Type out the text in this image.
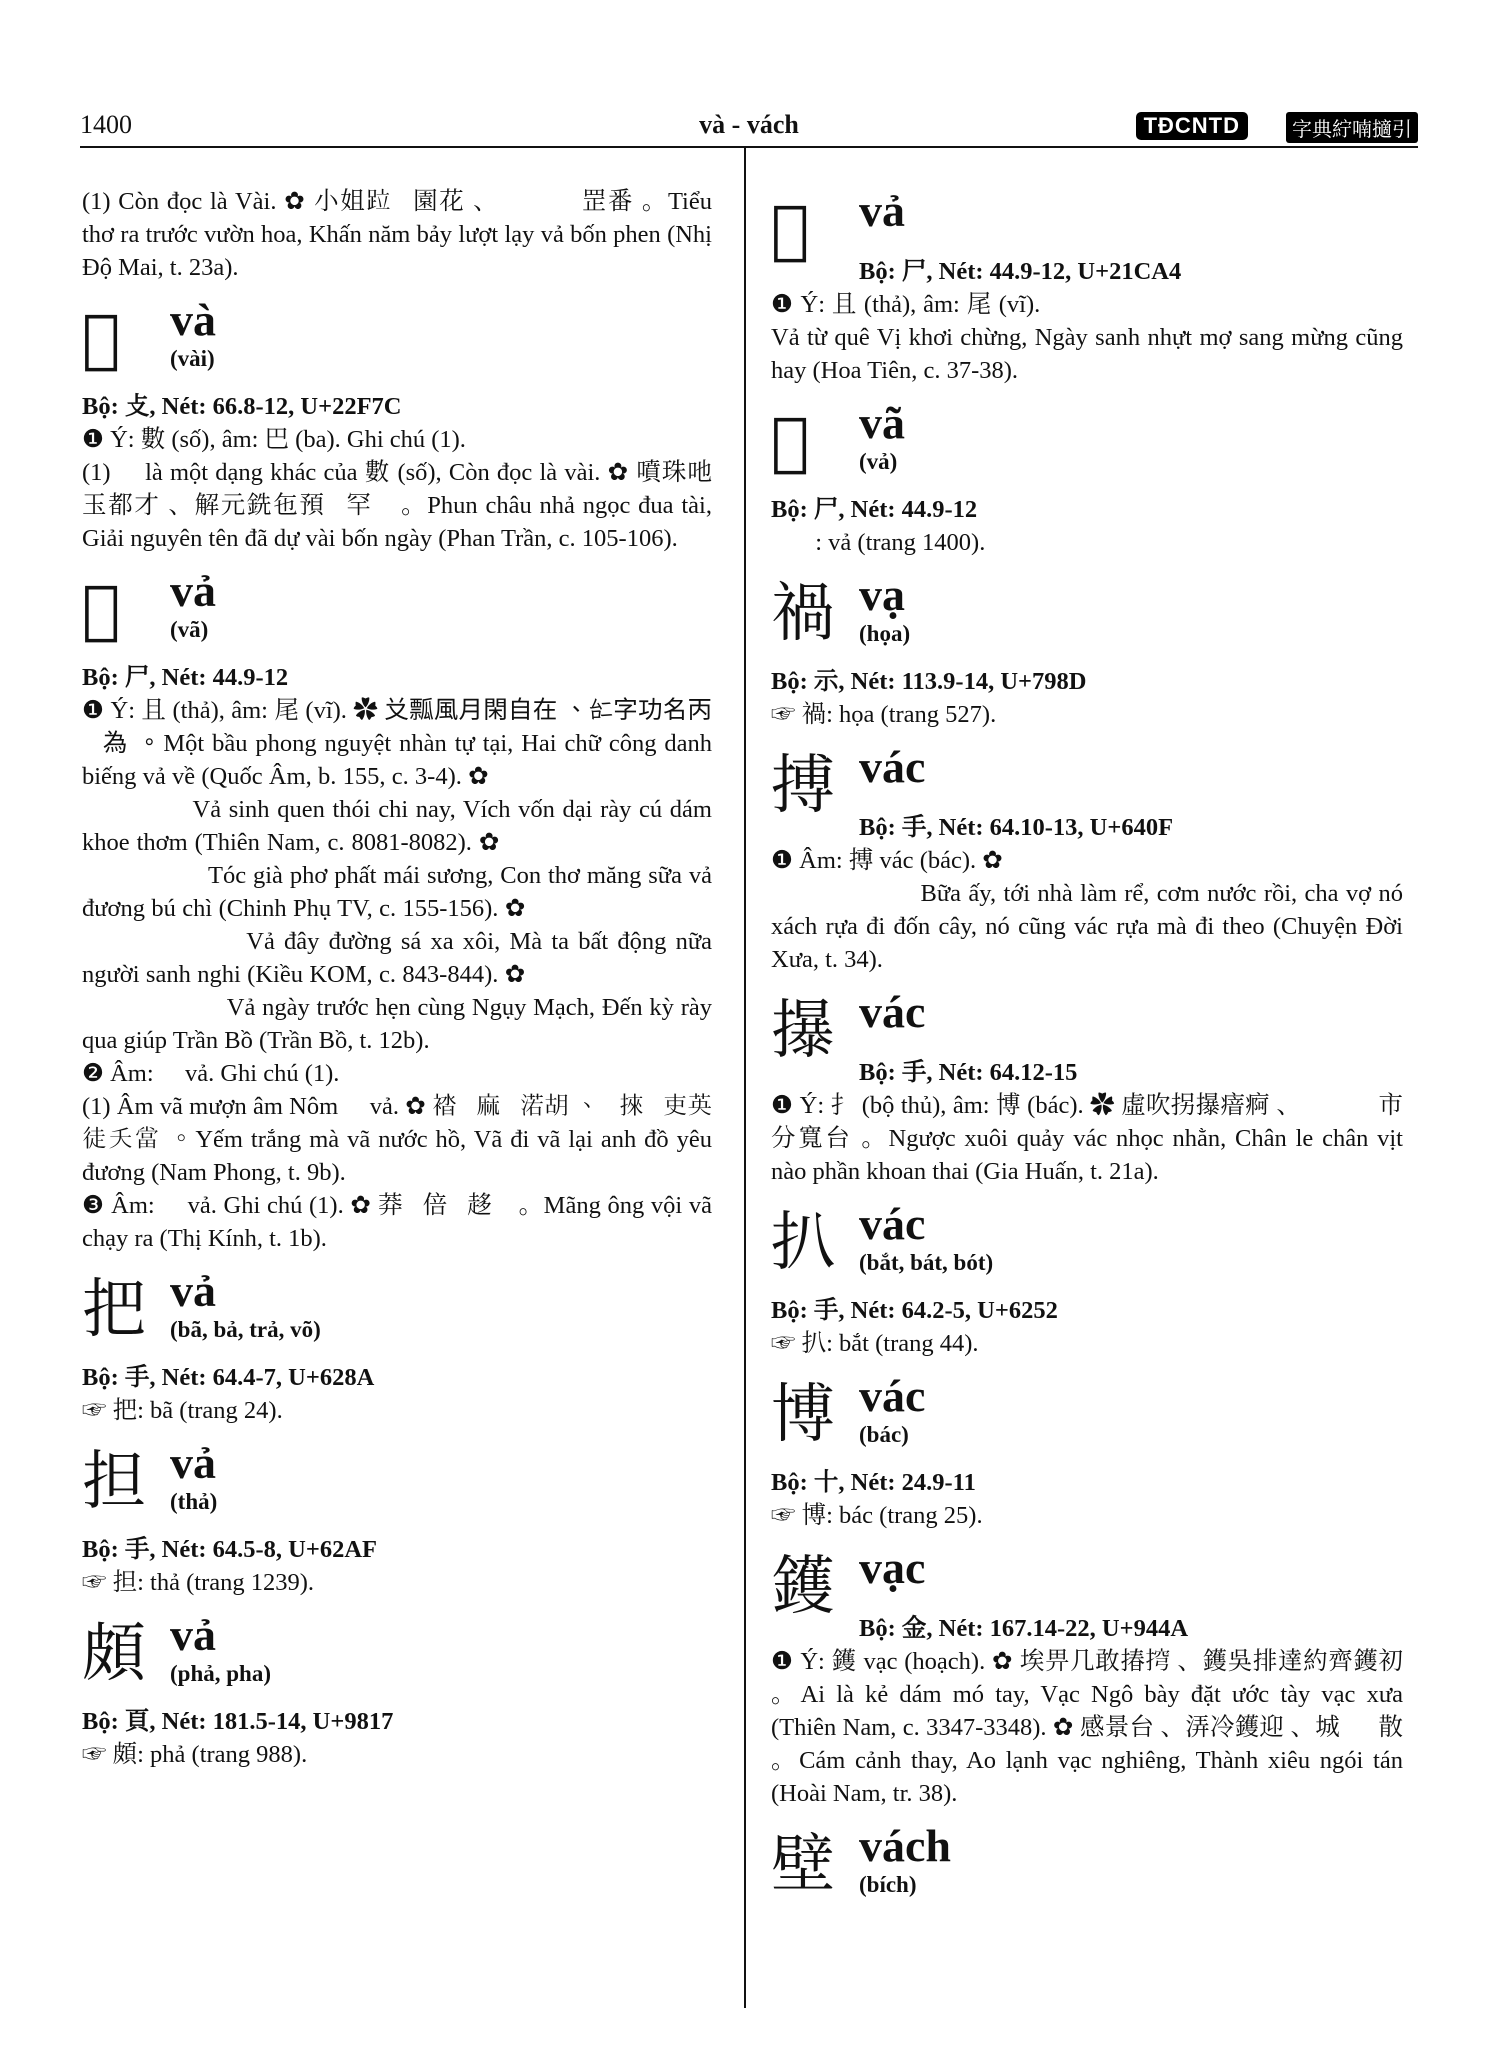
1400	và - vách	TĐCNTD	字典紵喃擿引

(1) Còn đọc là Vài. ✿ 小姐𨀎𨇒園花 、𠸼𩛂𠀧𠬠罡番 。Tiểu thơ ra trước vườn hoa, Khấn năm bảy lượt lạy vả bốn phen (Nhị Độ Mai, t. 23a).

𢽼	và
(vài)

Bộ: 攴, Nét: 66.8-12, U+22F7C

❶ Ý: 數 (số), âm: 巴 (ba). Ghi chú (1).

(1) 𢽼 là một dạng khác của 數 (số), Còn đọc là vài. ✿ 噴珠吔玉都才 、解元銑㐌預𢽼罕𠃩 。Phun châu nhả ngọc đua tài, Giải nguyên tên đã dự vài bốn ngày (Phan Trần, c. 105-106).

𡲤	vả
(vã)

Bộ: 尸, Nét: 44.9-12

❶ Ý: 且 (thả), âm: 尾 (vĩ). ✿ 𠬠瓢風月閑自在 、𠄩字功名丙𡲤為 。Một bầu phong nguyệt nhàn tự tại, Hai chữ công danh biếng vả về (Quốc Âm, b. 155, c. 3-4). ✿ 𡲤生涓態之尼 、𩄲卒𤴪𢯦駒敢誇𦾵 。Vả sinh quen thói chi nay, Vích vốn dại rày cú dám khoe thơm (Thiên Nam, c. 8081-8082). ✿ 𩯀𩯁披拂𡋂霜 、𡥵𤶐𠀲𣳔𡲤當哺𣅶 。Tóc già phơ phất mái sương, Con thơ măng sữa vả đương bú chì (Chinh Phụ TV, c. 155-156). ✿ 𡲤低塘舍賒吹 、麻些不動女𩠸生𦹵 。Vả đây đường sá xa xôi, Mà ta bất động nữa người sanh nghi (Kiều KOM, c. 843-844). ✿ 𡲤𣈜𨀎晛共魏麥 、𨇜期𢯦戈𠰘陳蒲 。Vả ngày trước hẹn cùng Ngụy Mạch, Đến kỳ rày qua giúp Trần Bồ (Trần Bồ, t. 12b).

❷ Âm: 𡲤 vả. Ghi chú (1).

(1) Âm vã mượn âm Nôm 𡲤 vả. ✿ 𧛆𣘈麻𡲤渃胡 、𡲤𢯦𡲤吏英徒夭當 。Yếm trắng mà vã nước hồ, Vã đi vã lại anh đồ yêu đương (Nam Phong, t. 9b).

❸ Âm: 𡲤 vả. Ghi chú (1). ✿ 莽𡢐倍𡲤趍𨀈 。Mãng ông vội vã chạy ra (Thị Kính, t. 1b).

把 vả
(bã, bả, trả, võ)

Bộ: 手, Nét: 64.4-7, U+628A

☞ 把: bã (trang 24).

担 vả
(thả)

Bộ: 手, Nét: 64.5-8, U+62AF

☞ 担: thả (trang 1239).

頗 vả
(phả, pha)

Bộ: 頁, Nét: 181.5-14, U+9817

☞ 頗: phả (trang 988).

𡲤	vả

Bộ: 尸, Nét: 44.9-12, U+21CA4

❶ Ý: 且 (thả), âm: 尾 (vĩ). ✿ 𡲤徐圭渭澗澄 、𣋚生日𡢼𨔈㦖拱能 。Vả từ quê Vị khơi chừng, Ngày sanh nhựt mợ sang mừng cũng hay (Hoa Tiên, c. 37-38).

𡲤	vã
(vả)

Bộ: 尸, Nét: 44.9-12

☞ 𡲤: vả (trang 1400).

禍 vạ
(họa)

Bộ: 示, Nét: 113.9-14, U+798D

☞ 禍: họa (trang 527).

搏 vác

Bộ: 手, Nét: 64.10-13, U+640F

❶ Âm: 搏 vác (bác). ✿ 𩛖意細茹濫壻 、𩛂渃末㐌媄奴捹𨦭𢯦頓核 、奴拱搏𨦭麻𢯦𨀏 。Bữa ấy, tới nhà làm rể, cơm nước rồi, cha vợ nó xách rựa đi đốn cây, nó cũng vác rựa mà đi theo (Chuyện Đời Xưa, t. 34).

㩧 vác

Bộ: 手, Nét: 64.12-15

❶ Ý: 扌 (bộ thủ), âm: 博 (bác). ✿ 虛吹拐㩧瘖痾 、𨆢𧞣𨆢𩠸市分寬台 。Ngược xuôi quảy vác nhọc nhằn, Chân le chân vịt nào phần khoan thai (Gia Huấn, t. 21a).

扒 vác
(bắt, bát, bót)

Bộ: 手, Nét: 64.2-5, U+6252

☞ 扒: bắt (trang 44).

博 vác
(bác)

Bộ: 十, Nét: 24.9-11

☞ 博: bác (trang 25).

鑊 vạc

Bộ: 金, Nét: 167.14-22, U+944A

❶ Ý: 鑊 vạc (hoạch). ✿ 埃畀几敢𢰦𢮍 、鑊吳排達約齊鑊初 。Ai là kẻ dám mó tay, Vạc Ngô bày đặt ước tày vạc xưa (Thiên Nam, c. 3347-3348). ✿ 感景台 、㳥冷鑊迎 、城𢽼𢽼散 。Cám cảnh thay, Ao lạnh vạc nghiêng, Thành xiêu ngói tán (Hoài Nam, tr. 38).

壁 vách
(bích)
